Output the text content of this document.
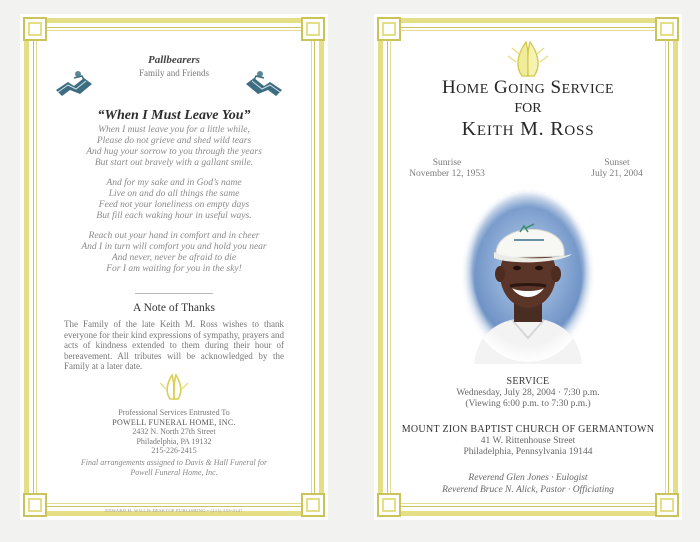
Pallbearers
Family and Friends
“When I Must Leave You”
When I must leave you for a little while,
Please do not grieve and shed wild tears
And hug your sorrow to you through the years
But start out bravely with a gallant smile.
And for my sake and in God’s name
Live on and do all things the same
Feed not your loneliness on empty days
But fill each waking hour in useful ways.
Reach out your hand in comfort and in cheer
And I in turn will comfort you and hold you near
And never, never be afraid to die
For I am waiting for you in the sky!
A Note of Thanks
The Family of the late Keith M. Ross wishes to thank everyone for their kind expressions of sympathy, prayers and acts of kindness extended to them during their hour of bereavement. All tributes will be acknowledged by the Family at a later date.
Professional Services Entrusted To
POWELL FUNERAL HOME, INC.
2432 N. North 27th Street
Philadelphia, PA 19132
215-226-2415
Final arrangements assigned to Davis & Hall Funeral for
Powell Funeral Home, Inc.
EDWARD H. WILLIS DESKTOP PUBLISHING • (215) 555-0147
HOME GOING SERVICE
FOR
KEITH M. ROSS
Sunrise
November 12, 1953
Sunset
July 21, 2004
SERVICE
Wednesday, July 28, 2004 · 7:30 p.m.
(Viewing 6:00 p.m. to 7:30 p.m.)
MOUNT ZION BAPTIST CHURCH OF GERMANTOWN
41 W. Rittenhouse Street
Philadelphia, Pennsylvania 19144
Reverend Glen Jones · Eulogist
Reverend Bruce N. Alick, Pastor · Officiating
